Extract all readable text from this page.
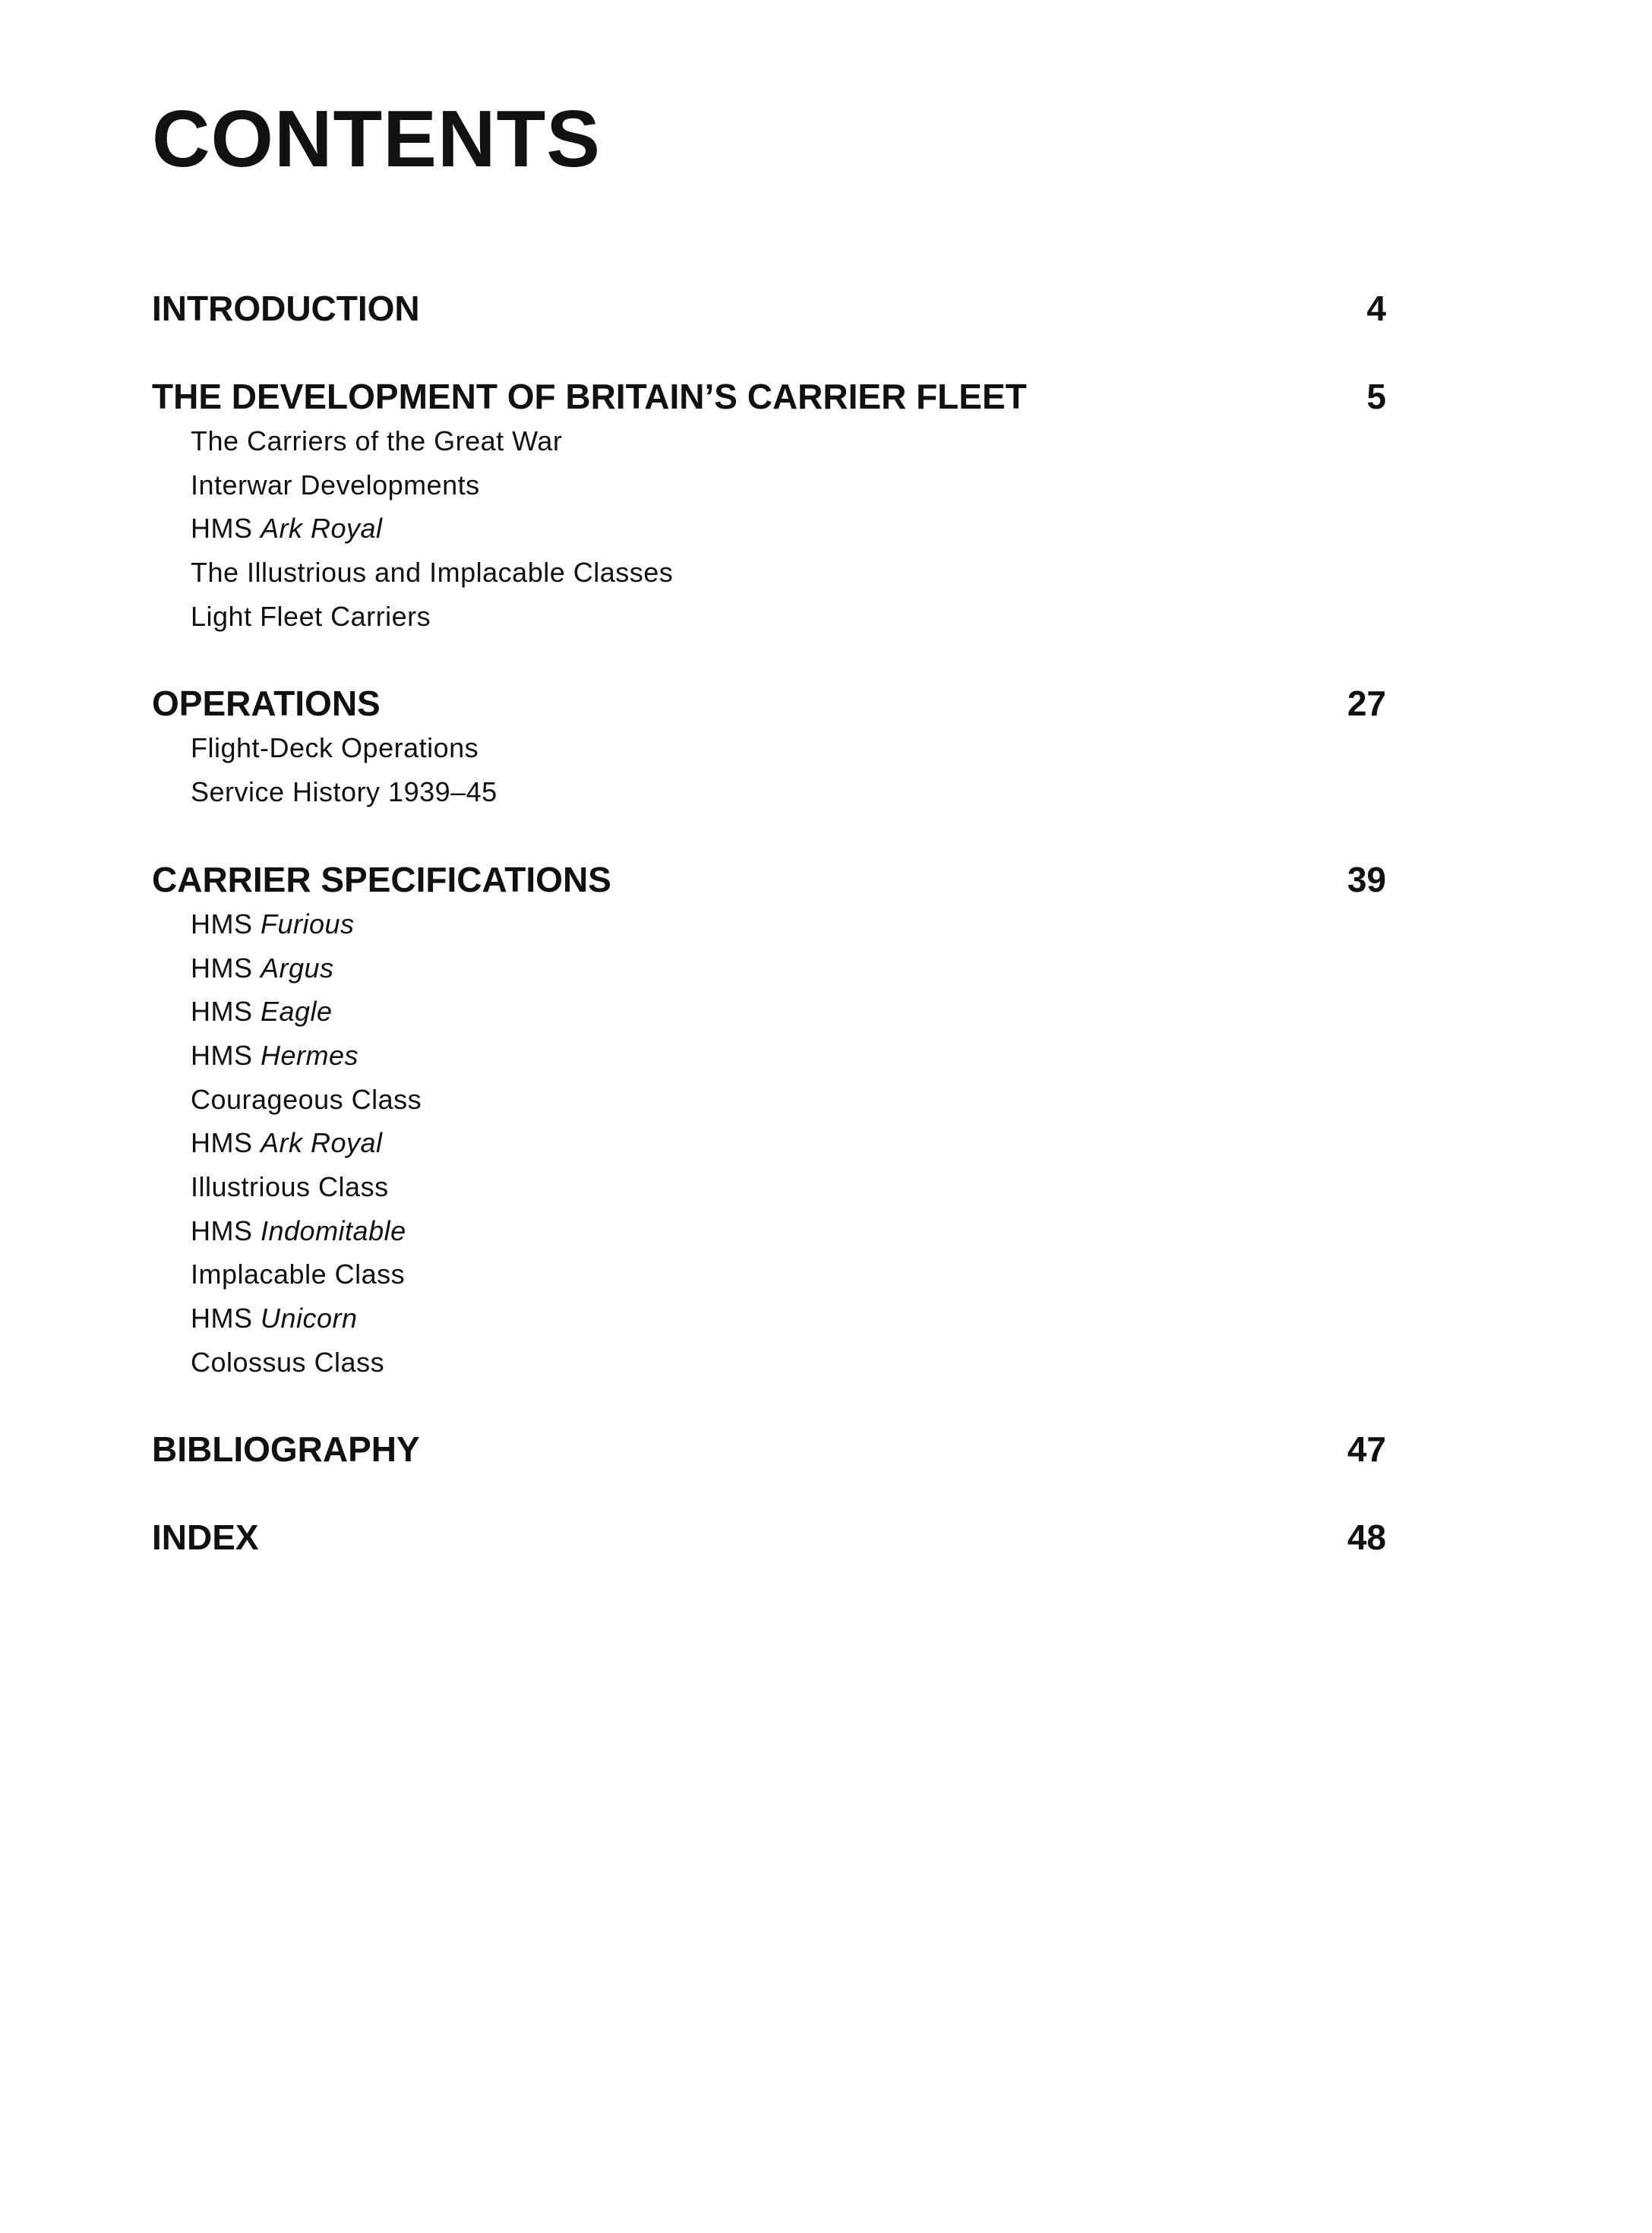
CONTENTS
INTRODUCTION	4
THE DEVELOPMENT OF BRITAIN’S CARRIER FLEET	5
The Carriers of the Great War
Interwar Developments
HMS Ark Royal
The Illustrious and Implacable Classes
Light Fleet Carriers
OPERATIONS	27
Flight-Deck Operations
Service History 1939–45
CARRIER SPECIFICATIONS	39
HMS Furious
HMS Argus
HMS Eagle
HMS Hermes
Courageous Class
HMS Ark Royal
Illustrious Class
HMS Indomitable
Implacable Class
HMS Unicorn
Colossus Class
BIBLIOGRAPHY	47
INDEX	48
